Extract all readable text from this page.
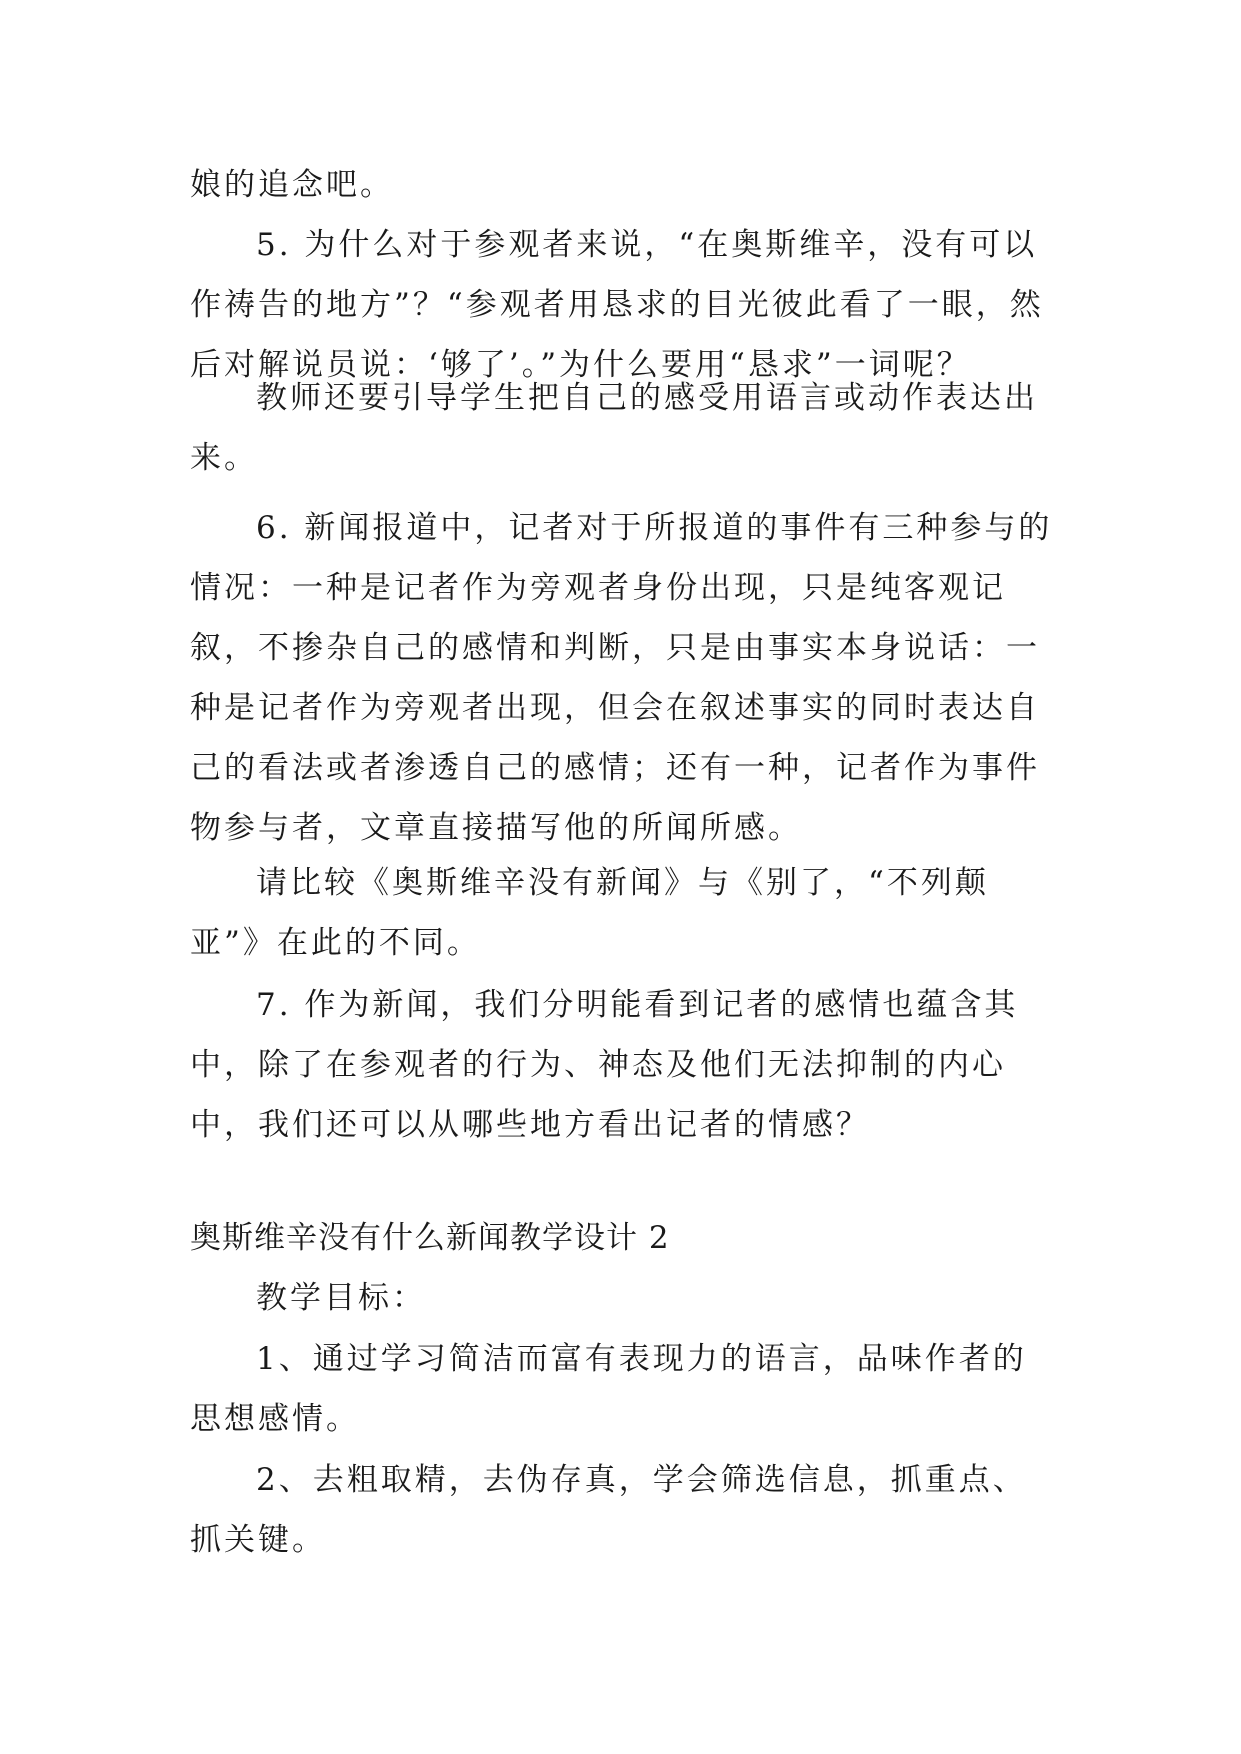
娘的追念吧。

5. 为什么对于参观者来说，“在奥斯维辛，没有可以作祷告的地方”？“参观者用恳求的目光彼此看了一眼，然后对解说员说：‘够了’。”为什么要用“恳求”一词呢？

教师还要引导学生把自己的感受用语言或动作表达出来。

6. 新闻报道中，记者对于所报道的事件有三种参与的情况：一种是记者作为旁观者身份出现，只是纯客观记叙，不掺杂自己的感情和判断，只是由事实本身说话：一种是记者作为旁观者出现，但会在叙述事实的同时表达自己的看法或者渗透自己的感情；还有一种，记者作为事件物参与者，文章直接描写他的所闻所感。

请比较《奥斯维辛没有新闻》与《别了，“不列颠亚”》在此的不同。

7. 作为新闻，我们分明能看到记者的感情也蕴含其中，除了在参观者的行为、神态及他们无法抑制的内心中，我们还可以从哪些地方看出记者的情感？

奥斯维辛没有什么新闻教学设计 2

教学目标：

1、通过学习简洁而富有表现力的语言，品味作者的思想感情。

2、去粗取精，去伪存真，学会筛选信息，抓重点、抓关键。
